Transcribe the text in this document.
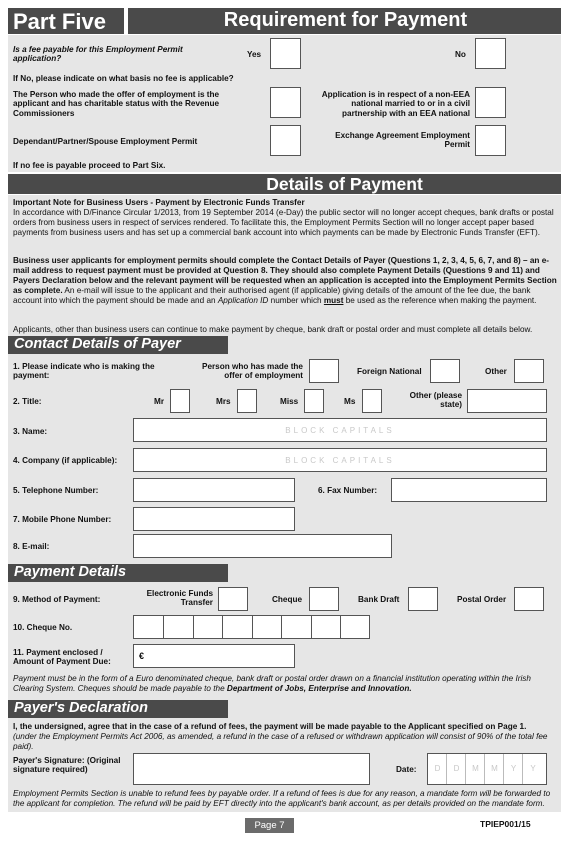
Part Five	Requirement for Payment
Is a fee payable for this Employment Permit application?	Yes	No
If No, please indicate on what basis no fee is applicable?
The Person who made the offer of employment is the applicant and has charitable status with the Revenue Commissioners
Application is in respect of a non-EEA national married to or in a civil partnership with an EEA national
Dependant/Partner/Spouse Employment Permit
Exchange Agreement Employment Permit
If no fee is payable proceed to Part Six.
Details of Payment
Important Note for Business Users - Payment by Electronic Funds Transfer
In accordance with D/Finance Circular 1/2013, from 19 September 2014 (e-Day) the public sector will no longer accept cheques, bank drafts or postal orders from business users in respect of services rendered. To facilitate this, the Employment Permits Section will no longer accept paper based payments from business users and has set up a commercial bank account into which payments can be made by Electronic Funds Transfer (EFT).
Business user applicants for employment permits should complete the Contact Details of Payer (Questions 1, 2, 3, 4, 5, 6, 7, and 8) – an e-mail address to request payment must be provided at Question 8. They should also complete Payment Details (Questions 9 and 11) and Payers Declaration below and the relevant payment will be requested when an application is accepted into the Employment Permits Section as complete. An e-mail will issue to the applicant and their authorised agent (if applicable) giving details of the amount of the fee due, the bank account into which the payment should be made and an Application ID number which must be used as the reference when making the payment.
Applicants, other than business users can continue to make payment by cheque, bank draft or postal order and must complete all details below.
Contact Details of Payer
1. Please indicate who is making the payment:
Person who has made the offer of employment	Foreign National	Other
2. Title:	Mr	Mrs	Miss	Ms
Other (please state)
3. Name:	BLOCK CAPITALS
4. Company (if applicable):	BLOCK CAPITALS
5. Telephone Number:	6. Fax Number:
7. Mobile Phone Number:
8. E-mail:
Payment Details
9. Method of Payment:
Electronic Funds Transfer	Cheque	Bank Draft	Postal Order
10. Cheque No.
11. Payment enclosed / Amount of Payment Due:
€
Payment must be in the form of a Euro denominated cheque, bank draft or postal order drawn on a financial institution operating within the Irish Clearing System. Cheques should be made payable to the Department of Jobs, Enterprise and Innovation.
Payer's Declaration
I, the undersigned, agree that in the case of a refund of fees, the payment will be made payable to the Applicant specified on Page 1.
(under the Employment Permits Act 2006, as amended, a refund in the case of a refused or withdrawn application will consist of 90% of the total fee paid).
Payer's Signature: (Original signature required)	Date:	D	D	M	M	Y	Y
Employment Permits Section is unable to refund fees by payable order. If a refund of fees is due for any reason, a mandate form will be forwarded to the applicant for completion. The refund will be paid by EFT directly into the applicant's bank account, as per details provided on the mandate form.
Page 7	TPIEP001/15
